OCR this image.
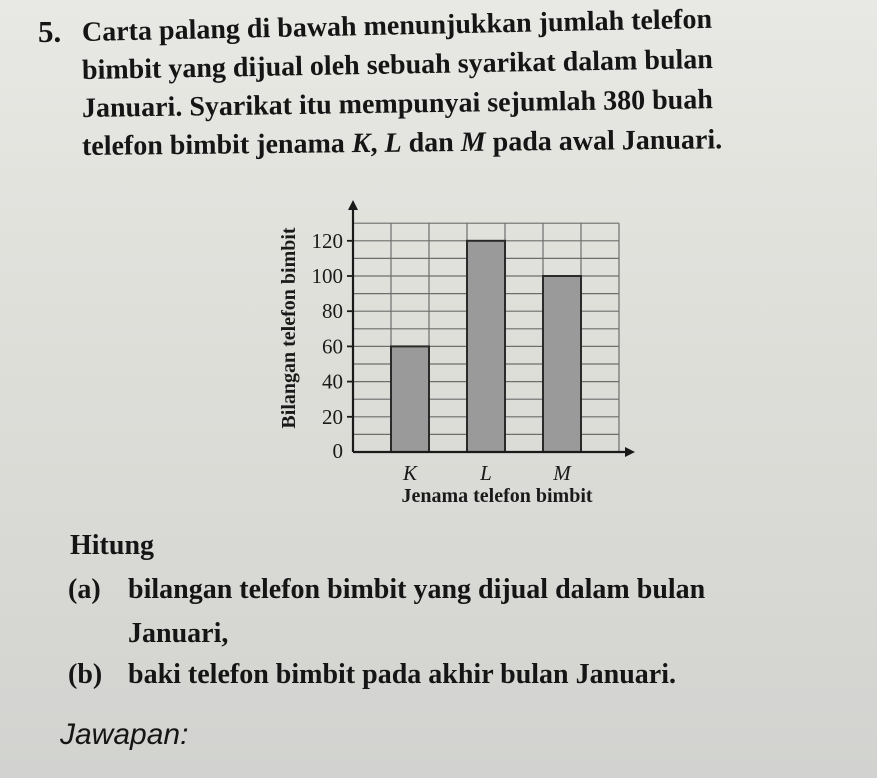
5. Carta palang di bawah menunjukkan jumlah telefon
bimbit yang dijual oleh sebuah syarikat dalam bulan
Januari. Syarikat itu mempunyai sejumlah 380 buah
telefon bimbit jenama K, L dan M pada awal Januari.
0
20
40
60
80
100
120
K	L	M
Jenama telefon bimbit
Bilangan telefon bimbit
Hitung
(a) bilangan telefon bimbit yang dijual dalam bulan
Januari,
(b) baki telefon bimbit pada akhir bulan Januari.
Jawapan:
